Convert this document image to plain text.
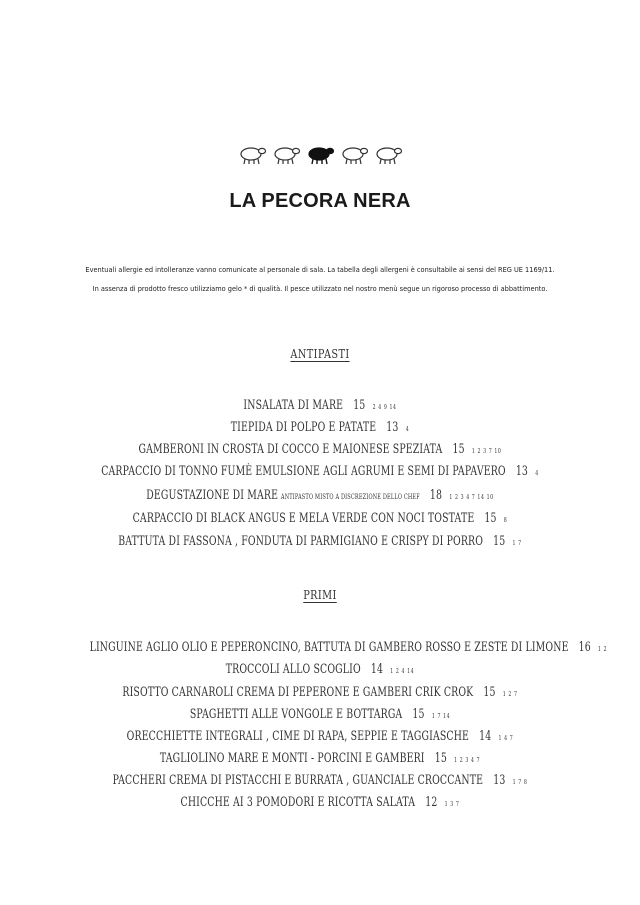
LA PECORA NERA
Eventuali allergie ed intolleranze vanno comunicate al personale di sala. La tabella degli allergeni è consultabile ai sensi del REG UE 1169/11.
In assenza di prodotto fresco utilizziamo gelo * di qualità. Il pesce utilizzato nel nostro menù segue un rigoroso processo di abbattimento.
ANTIPASTI
INSALATA DI MARE 15 2 4 9 14
TIEPIDA DI POLPO E PATATE 13 4
GAMBERONI IN CROSTA DI COCCO E MAIONESE SPEZIATA 15 1 2 3 7 10
CARPACCIO DI TONNO FUMÈ EMULSIONE AGLI AGRUMI E SEMI DI PAPAVERO 13 4
DEGUSTAZIONE DI MARE ANTIPASTO MISTO A DISCREZIONE DELLO CHEF 18 1 2 3 4 7 14 10
CARPACCIO DI BLACK ANGUS E MELA VERDE CON NOCI TOSTATE 15 8
BATTUTA DI FASSONA , FONDUTA DI PARMIGIANO E CRISPY DI PORRO 15 1 7
PRIMI
LINGUINE AGLIO OLIO E PEPERONCINO, BATTUTA DI GAMBERO ROSSO E ZESTE DI LIMONE 16 1 2
TROCCOLI ALLO SCOGLIO 14 1 2 4 14
RISOTTO CARNAROLI CREMA DI PEPERONE E GAMBERI CRIK CROK 15 1 2 7
SPAGHETTI ALLE VONGOLE E BOTTARGA 15 1 7 14
ORECCHIETTE INTEGRALI , CIME DI RAPA, SEPPIE E TAGGIASCHE 14 1 4 7
TAGLIOLINO MARE E MONTI - PORCINI E GAMBERI 15 1 2 3 4 7
PACCHERI CREMA DI PISTACCHI E BURRATA , GUANCIALE CROCCANTE 13 1 7 8
CHICCHE AI 3 POMODORI E RICOTTA SALATA 12 1 3 7
